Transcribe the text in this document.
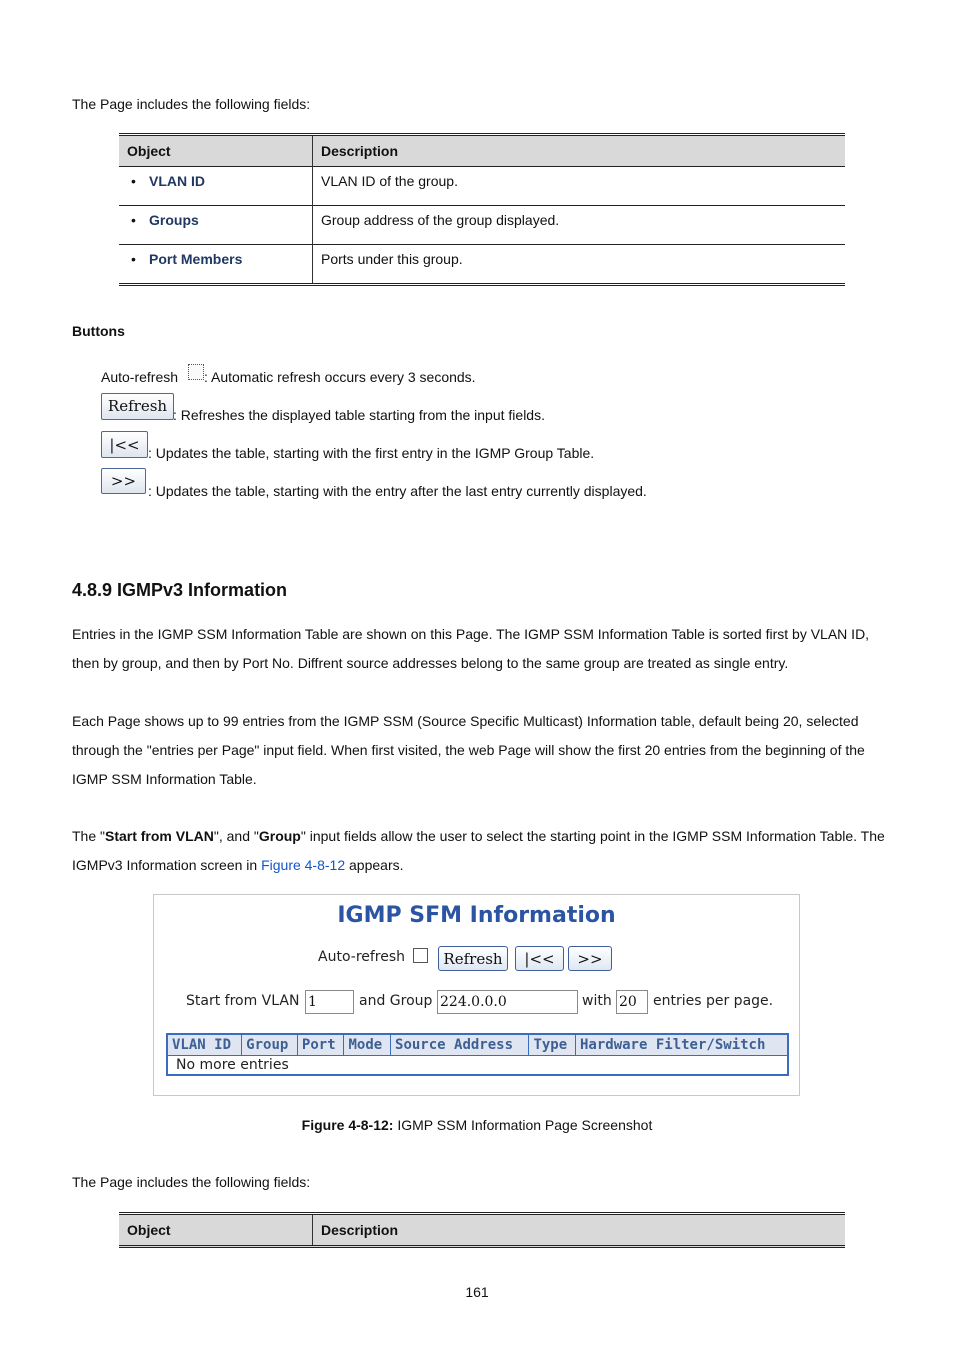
The Page includes the following fields:

Object	Description
• VLAN ID	VLAN ID of the group.
• Groups	Group address of the group displayed.
• Port Members	Ports under this group.

Buttons

Auto-refresh : Automatic refresh occurs every 3 seconds.

Refresh : Refreshes the displayed table starting from the input fields.

|<< : Updates the table, starting with the first entry in the IGMP Group Table.

>>

: Updates the table, starting with the entry after the last entry currently displayed.

4.8.9 IGMPv3 Information

Entries in the IGMP SSM Information Table are shown on this Page. The IGMP SSM Information Table is sorted first by VLAN ID, then by group, and then by Port No. Diffrent source addresses belong to the same group are treated as single entry.

Each Page shows up to 99 entries from the IGMP SSM (Source Specific Multicast) Information table, default being 20, selected through the "entries per Page" input field. When first visited, the web Page will show the first 20 entries from the beginning of the IGMP SSM Information Table.

The "Start from VLAN", and "Group" input fields allow the user to select the starting point in the IGMP SSM Information Table. The IGMPv3 Information screen in Figure 4-8-12 appears.

IGMP SFM Information
Auto-refresh	Refresh	|<<	>>
Start from VLAN 1	and Group 224.0.0.0	with 20	entries per page.
VLAN ID	Group	Port	Mode	Source Address	Type	Hardware Filter/Switch
No more entries

Figure 4-8-12: IGMP SSM Information Page Screenshot

The Page includes the following fields:

Object	Description

161
